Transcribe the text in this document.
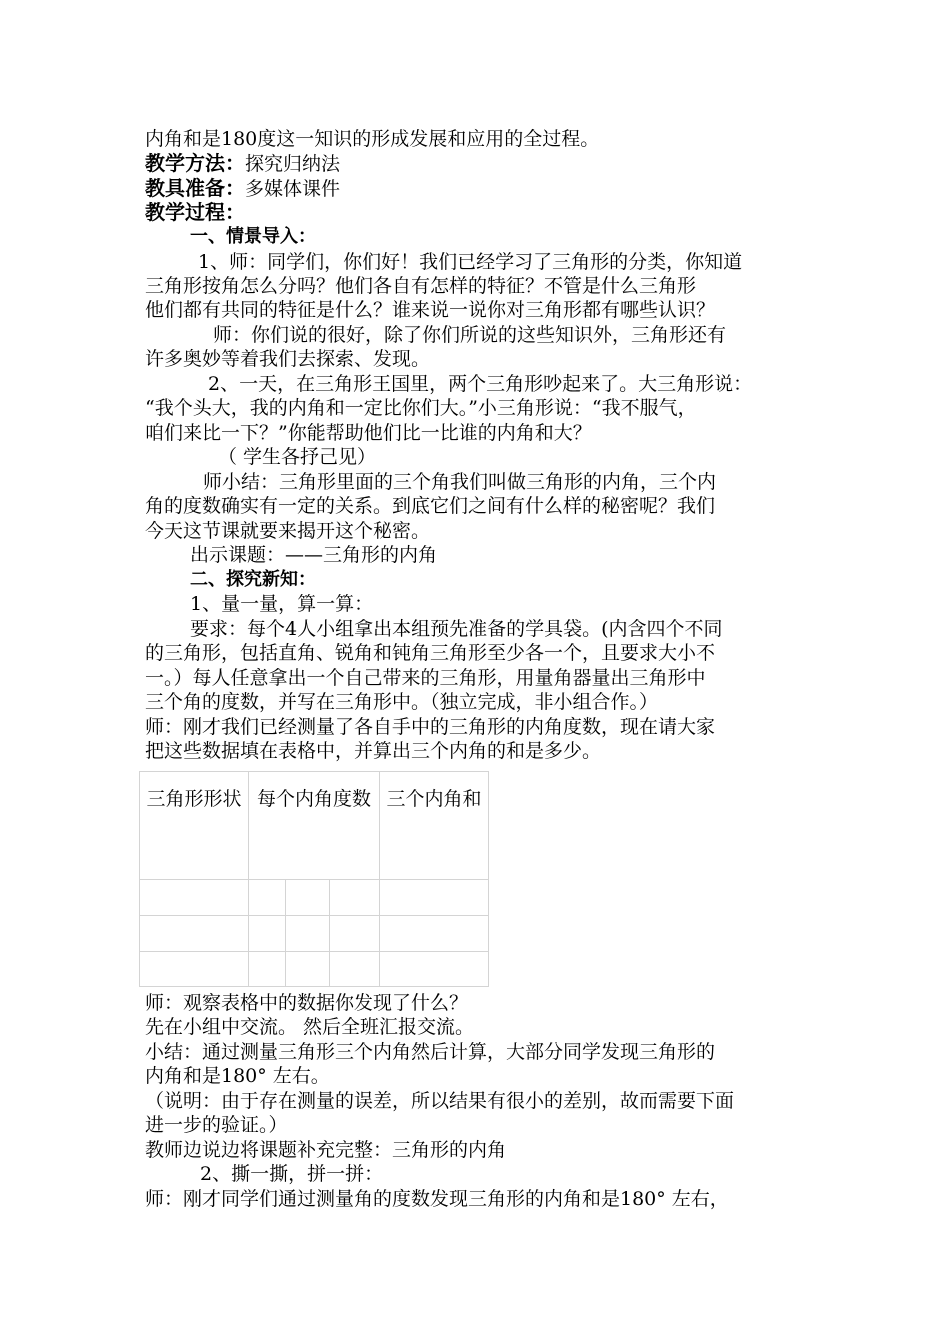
内角和是180度这一知识的形成发展和应用的全过程。
教学方法：探究归纳法
教具准备：多媒体课件
教学过程：
一、情景导入：
1、师：同学们，你们好！我们已经学习了三角形的分类，你知道
三角形按角怎么分吗？他们各自有怎样的特征？不管是什么三角形
他们都有共同的特征是什么？谁来说一说你对三角形都有哪些认识？
师：你们说的很好，除了你们所说的这些知识外，三角形还有
许多奥妙等着我们去探索、发现。
2、一天，在三角形王国里，两个三角形吵起来了。大三角形说：
“我个头大，我的内角和一定比你们大。”小三角形说：“我不服气，
咱们来比一下？”你能帮助他们比一比谁的内角和大？
（ 学生各抒己见）
师小结：三角形里面的三个角我们叫做三角形的内角，三个内
角的度数确实有一定的关系。到底它们之间有什么样的秘密呢？我们
今天这节课就要来揭开这个秘密。
出示课题：——三角形的内角
二、探究新知：
1、量一量，算一算：
要求：每个4人小组拿出本组预先准备的学具袋。(内含四个不同
的三角形，包括直角、锐角和钝角三角形至少各一个，且要求大小不
一。）每人任意拿出一个自己带来的三角形，用量角器量出三角形中
三个角的度数，并写在三角形中。（独立完成，非小组合作。）
师：刚才我们已经测量了各自手中的三角形的内角度数，现在请大家
把这些数据填在表格中，并算出三个内角的和是多少。
三角形形状 每个内角度数 三个内角和
师：观察表格中的数据你发现了什么？
先在小组中交流。 然后全班汇报交流。
小结：通过测量三角形三个内角然后计算，大部分同学发现三角形的
内角和是180° 左右。
（说明：由于存在测量的误差，所以结果有很小的差别，故而需要下面
进一步的验证。）
教师边说边将课题补充完整：三角形的内角
2、撕一撕，拼一拼：
师：刚才同学们通过测量角的度数发现三角形的内角和是180° 左右，
